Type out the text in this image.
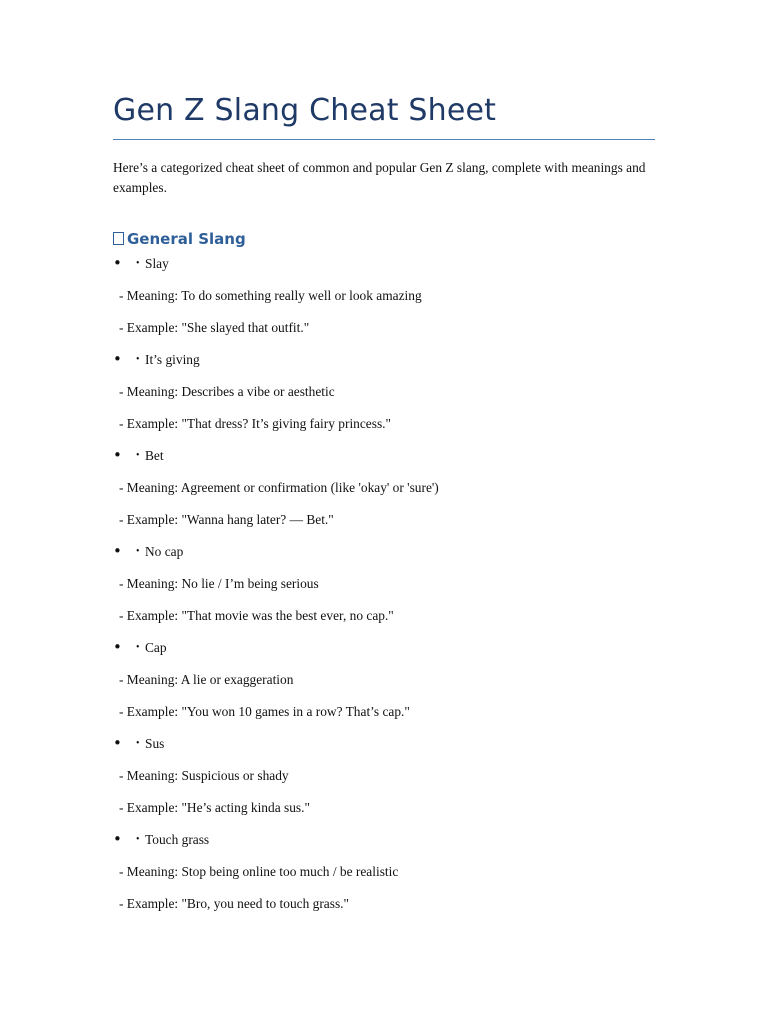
Gen Z Slang Cheat Sheet
Here’s a categorized cheat sheet of common and popular Gen Z slang, complete with meanings and examples.
General Slang
• • Slay
- Meaning: To do something really well or look amazing
- Example: "She slayed that outfit."
• • It’s giving
- Meaning: Describes a vibe or aesthetic
- Example: "That dress? It’s giving fairy princess."
• • Bet
- Meaning: Agreement or confirmation (like 'okay' or 'sure')
- Example: "Wanna hang later? — Bet."
• • No cap
- Meaning: No lie / I’m being serious
- Example: "That movie was the best ever, no cap."
• • Cap
- Meaning: A lie or exaggeration
- Example: "You won 10 games in a row? That’s cap."
• • Sus
- Meaning: Suspicious or shady
- Example: "He’s acting kinda sus."
• • Touch grass
- Meaning: Stop being online too much / be realistic
- Example: "Bro, you need to touch grass."
